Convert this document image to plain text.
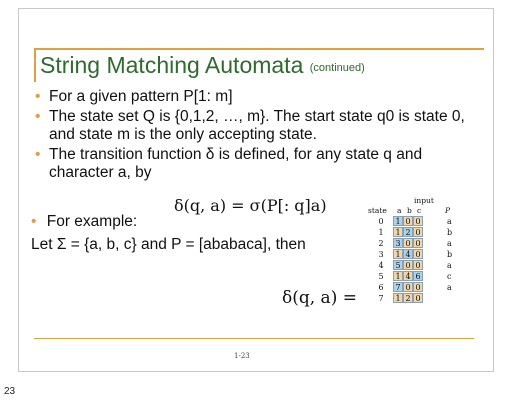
String Matching Automata (continued)
• For a given pattern P[1: m]
• The state set Q is {0,1,2, …, m}. The start state q0 is state 0, and state m is the only accepting state.
• The transition function δ is defined, for any state q and character a, by
δ(q, a) = σ(P[: q]a)
• For example:
Let Σ = {a, b, c} and P = [ababaca], then
δ(q, a) =
input
state a b c	P
0	1 0 0	a
1	1 2 0	b
2	3 0 0	a
3	1 4 0	b
4	5 0 0	a
5	1 4 6	c
6	7 0 0	a
7	1 2 0
1-23
23
